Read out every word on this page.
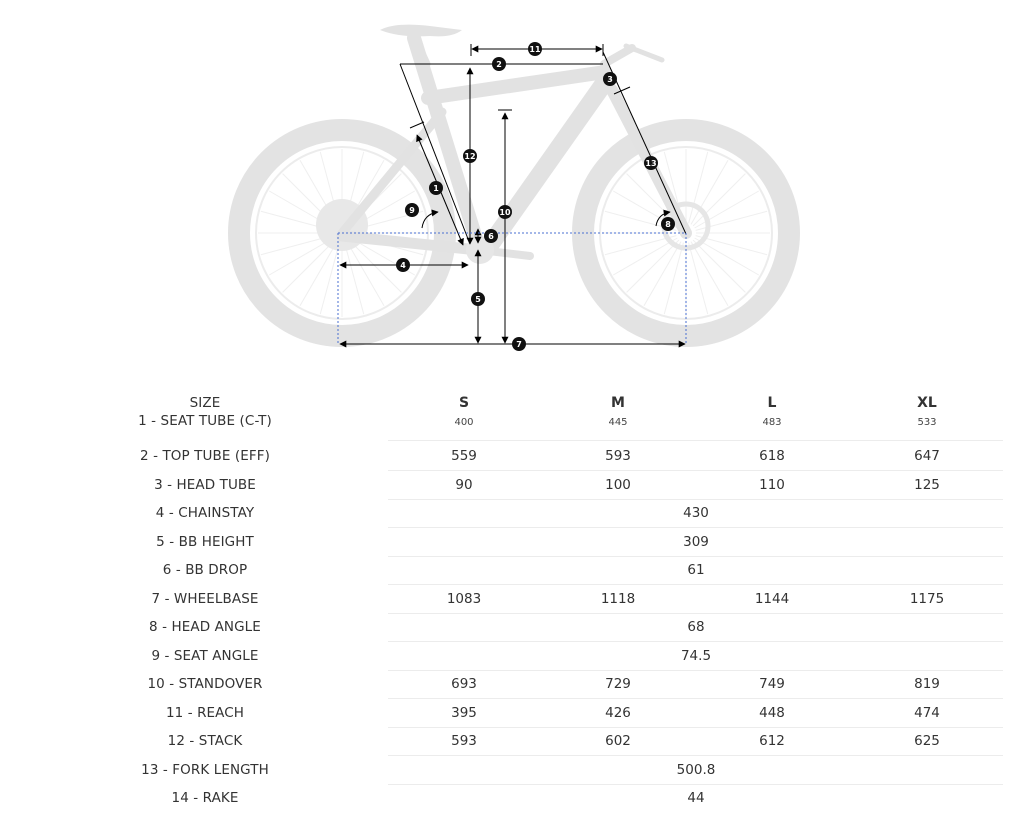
1
2
3
4
5
6
7
8
9	10
11
12
13
SIZE
1 - SEAT TUBE (C-T)
S	M	L	XL
400	445	483	533
2 - TOP TUBE (EFF)	559	593	618	647
3 - HEAD TUBE	90	100	110	125
4 - CHAINSTAY	430
5 - BB HEIGHT	309
6 - BB DROP	61
7 - WHEELBASE	1083	1118	1144	1175
8 - HEAD ANGLE	68
9 - SEAT ANGLE	74.5
10 - STANDOVER	693	729	749	819
11 - REACH	395	426	448	474
12 - STACK	593	602	612	625
13 - FORK LENGTH	500.8
14 - RAKE	44
